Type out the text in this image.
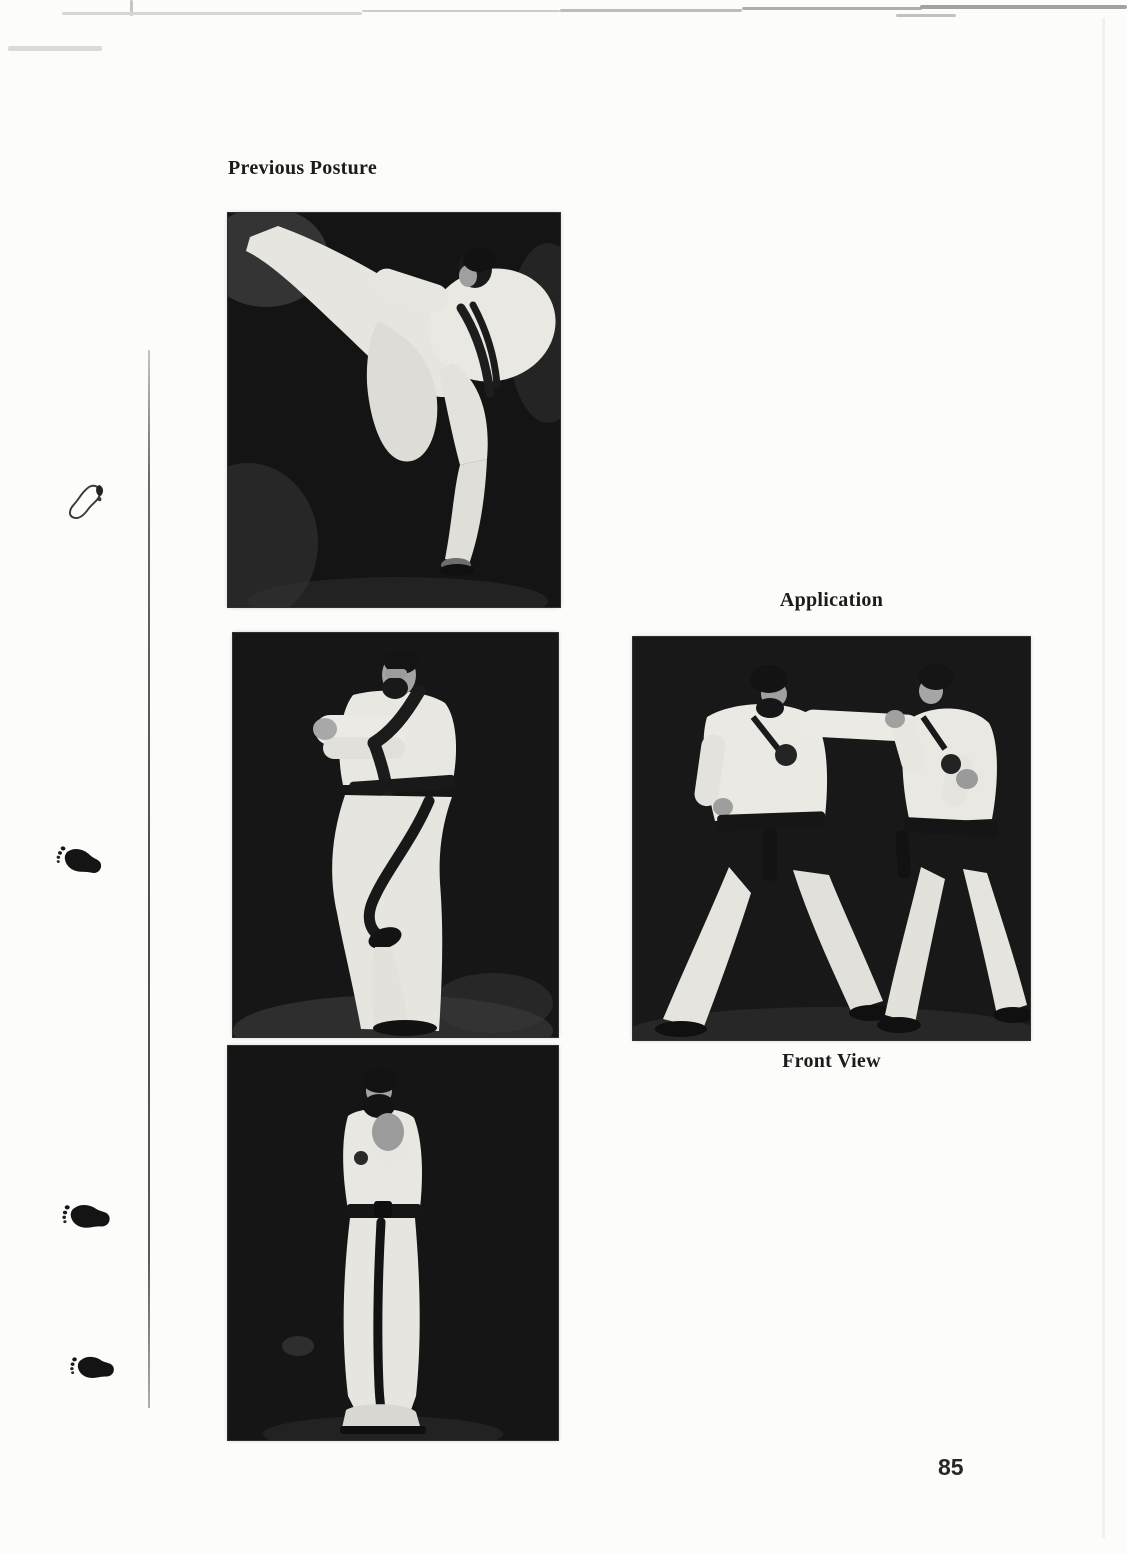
Previous Posture
Application
Front View
85
